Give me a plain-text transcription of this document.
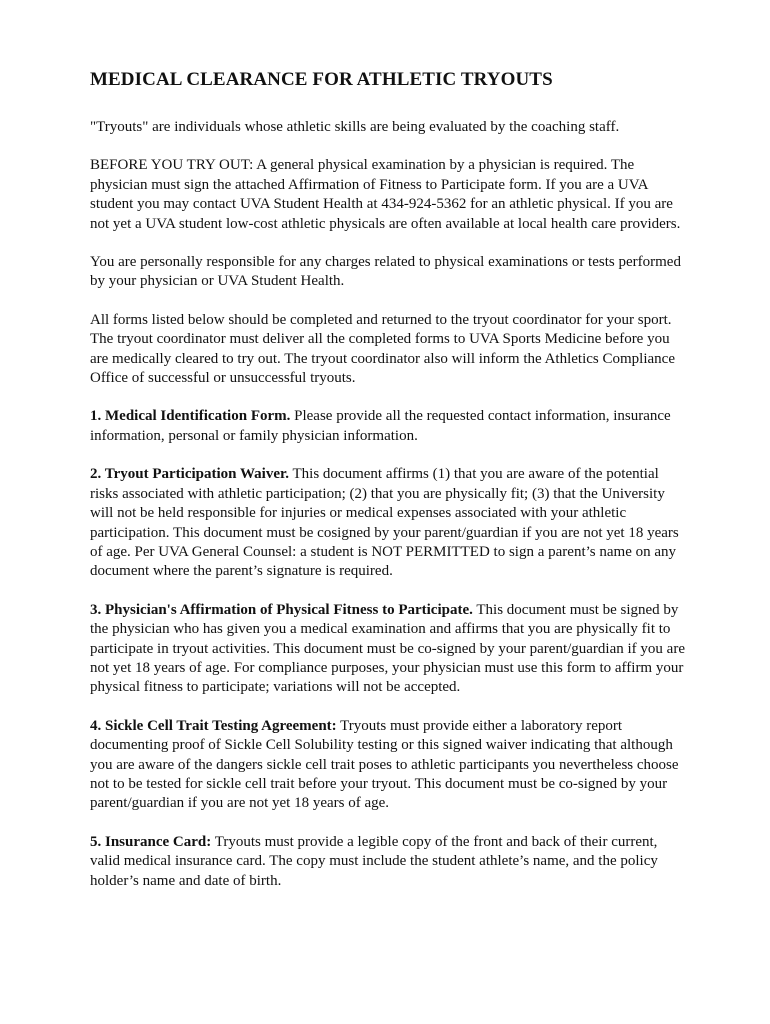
MEDICAL CLEARANCE FOR ATHLETIC TRYOUTS

"Tryouts" are individuals whose athletic skills are being evaluated by the coaching staff.

BEFORE YOU TRY OUT: A general physical examination by a physician is required. The physician must sign the attached Affirmation of Fitness to Participate form. If you are a UVA student you may contact UVA Student Health at 434-924-5362 for an athletic physical. If you are not yet a UVA student low-cost athletic physicals are often available at local health care providers.

You are personally responsible for any charges related to physical examinations or tests performed by your physician or UVA Student Health.

All forms listed below should be completed and returned to the tryout coordinator for your sport. The tryout coordinator must deliver all the completed forms to UVA Sports Medicine before you are medically cleared to try out. The tryout coordinator also will inform the Athletics Compliance Office of successful or unsuccessful tryouts.

1. Medical Identification Form. Please provide all the requested contact information, insurance information, personal or family physician information.

2. Tryout Participation Waiver. This document affirms (1) that you are aware of the potential risks associated with athletic participation; (2) that you are physically fit; (3) that the University will not be held responsible for injuries or medical expenses associated with your athletic participation. This document must be cosigned by your parent/guardian if you are not yet 18 years of age. Per UVA General Counsel: a student is NOT PERMITTED to sign a parent’s name on any document where the parent’s signature is required.

3. Physician's Affirmation of Physical Fitness to Participate. This document must be signed by the physician who has given you a medical examination and affirms that you are physically fit to participate in tryout activities. This document must be co-signed by your parent/guardian if you are not yet 18 years of age. For compliance purposes, your physician must use this form to affirm your physical fitness to participate; variations will not be accepted.

4. Sickle Cell Trait Testing Agreement: Tryouts must provide either a laboratory report documenting proof of Sickle Cell Solubility testing or this signed waiver indicating that although you are aware of the dangers sickle cell trait poses to athletic participants you nevertheless choose not to be tested for sickle cell trait before your tryout. This document must be co-signed by your parent/guardian if you are not yet 18 years of age.

5. Insurance Card: Tryouts must provide a legible copy of the front and back of their current, valid medical insurance card. The copy must include the student athlete’s name, and the policy holder’s name and date of birth.
